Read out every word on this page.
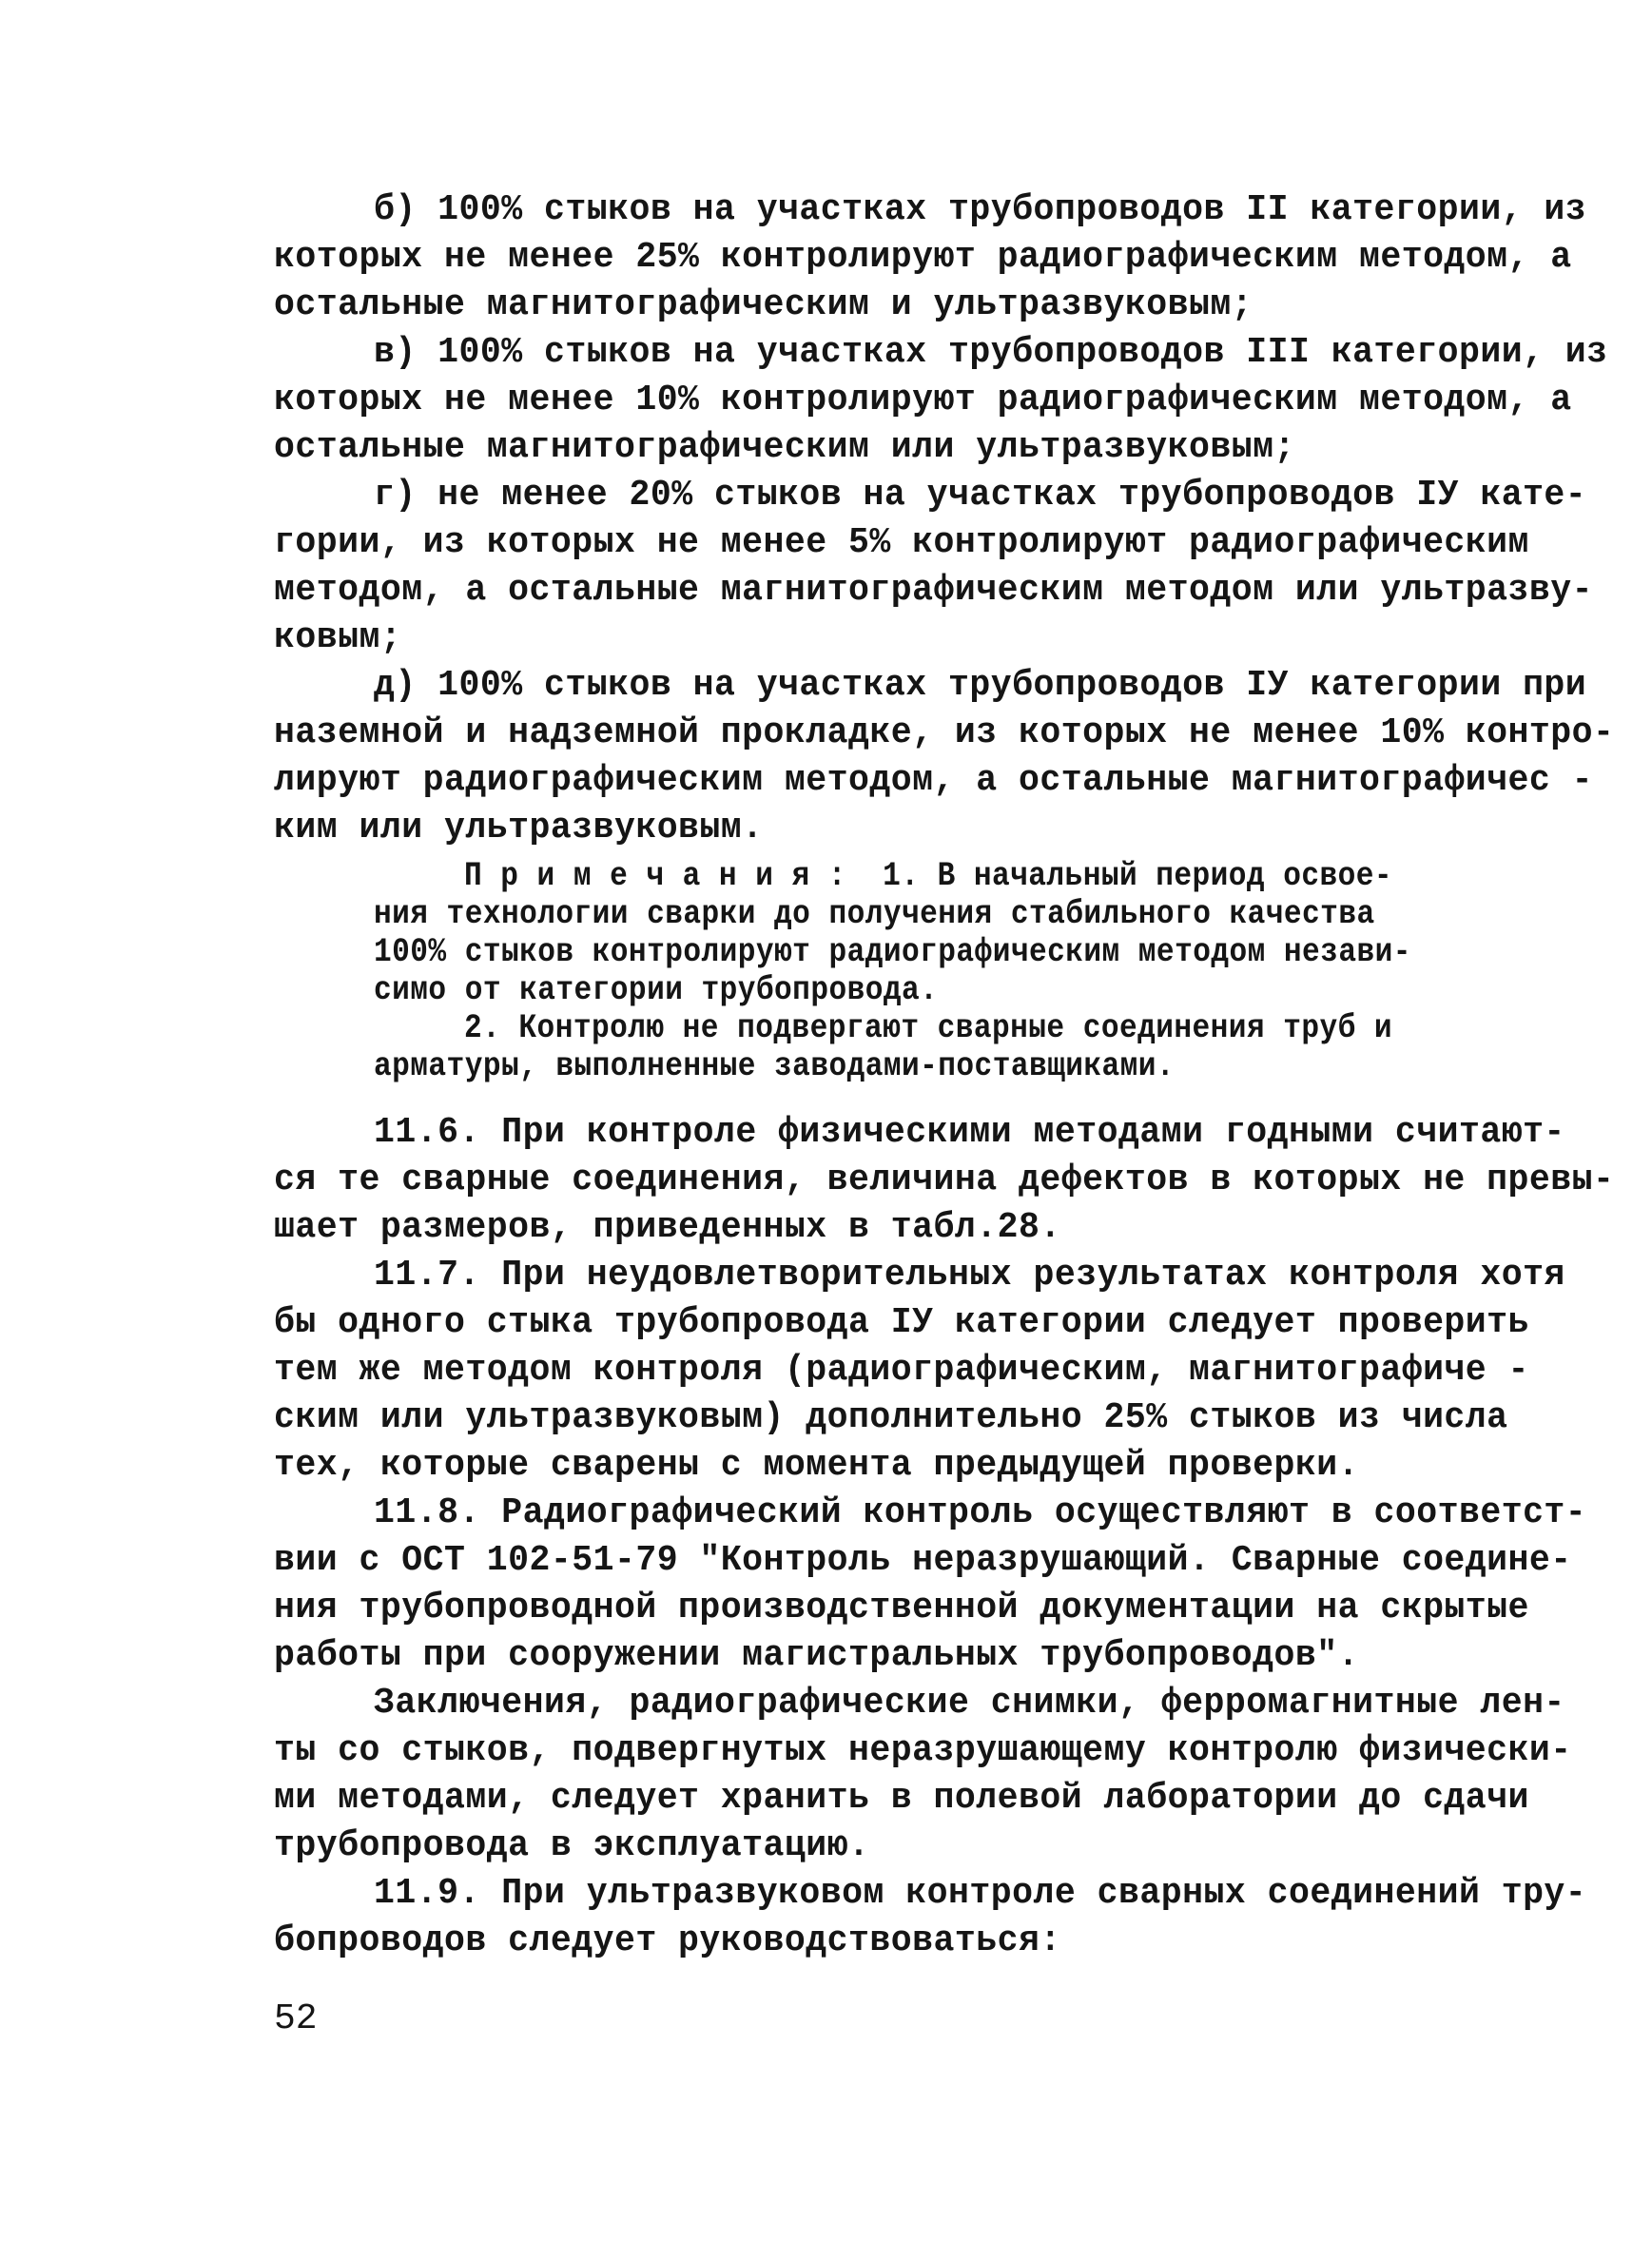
б) 100% стыков на участках трубопроводов II категории, из
которых не менее 25% контролируют радиографическим методом, а
остальные магнитографическим и ультразвуковым;
в) 100% стыков на участках трубопроводов III категории, из
которых не менее 10% контролируют радиографическим методом, а
остальные магнитографическим или ультразвуковым;
г) не менее 20% стыков на участках трубопроводов IУ кате-
гории, из которых не менее 5% контролируют радиографическим
методом, а остальные магнитографическим методом или ультразву-
ковым;
д) 100% стыков на участках трубопроводов IУ категории при
наземной и надземной прокладке, из которых не менее 10% контро-
лируют радиографическим методом, а остальные магнитографичес -
ким или ультразвуковым.
П р и м е ч а н и я :  1. В начальный период освое-
ния технологии сварки до получения стабильного качества
100% стыков контролируют радиографическим методом незави-
симо от категории трубопровода.
2. Контролю не подвергают сварные соединения труб и
арматуры, выполненные заводами-поставщиками.
11.6. При контроле физическими методами годными считают-
ся те сварные соединения, величина дефектов в которых не превы-
шает размеров, приведенных в табл.28.
11.7. При неудовлетворительных результатах контроля хотя
бы одного стыка трубопровода IУ категории следует проверить
тем же методом контроля (радиографическим, магнитографиче -
ским или ультразвуковым) дополнительно 25% стыков из числа
тех, которые сварены с момента предыдущей проверки.
11.8. Радиографический контроль осуществляют в соответст-
вии с ОСТ 102-51-79 "Контроль неразрушающий. Сварные соедине-
ния трубопроводной производственной документации на скрытые
работы при сооружении магистральных трубопроводов".
Заключения, радиографические снимки, ферромагнитные лен-
ты со стыков, подвергнутых неразрушающему контролю физически-
ми методами, следует хранить в полевой лаборатории до сдачи
трубопровода в эксплуатацию.
11.9. При ультразвуковом контроле сварных соединений тру-
бопроводов следует руководствоваться:
52
